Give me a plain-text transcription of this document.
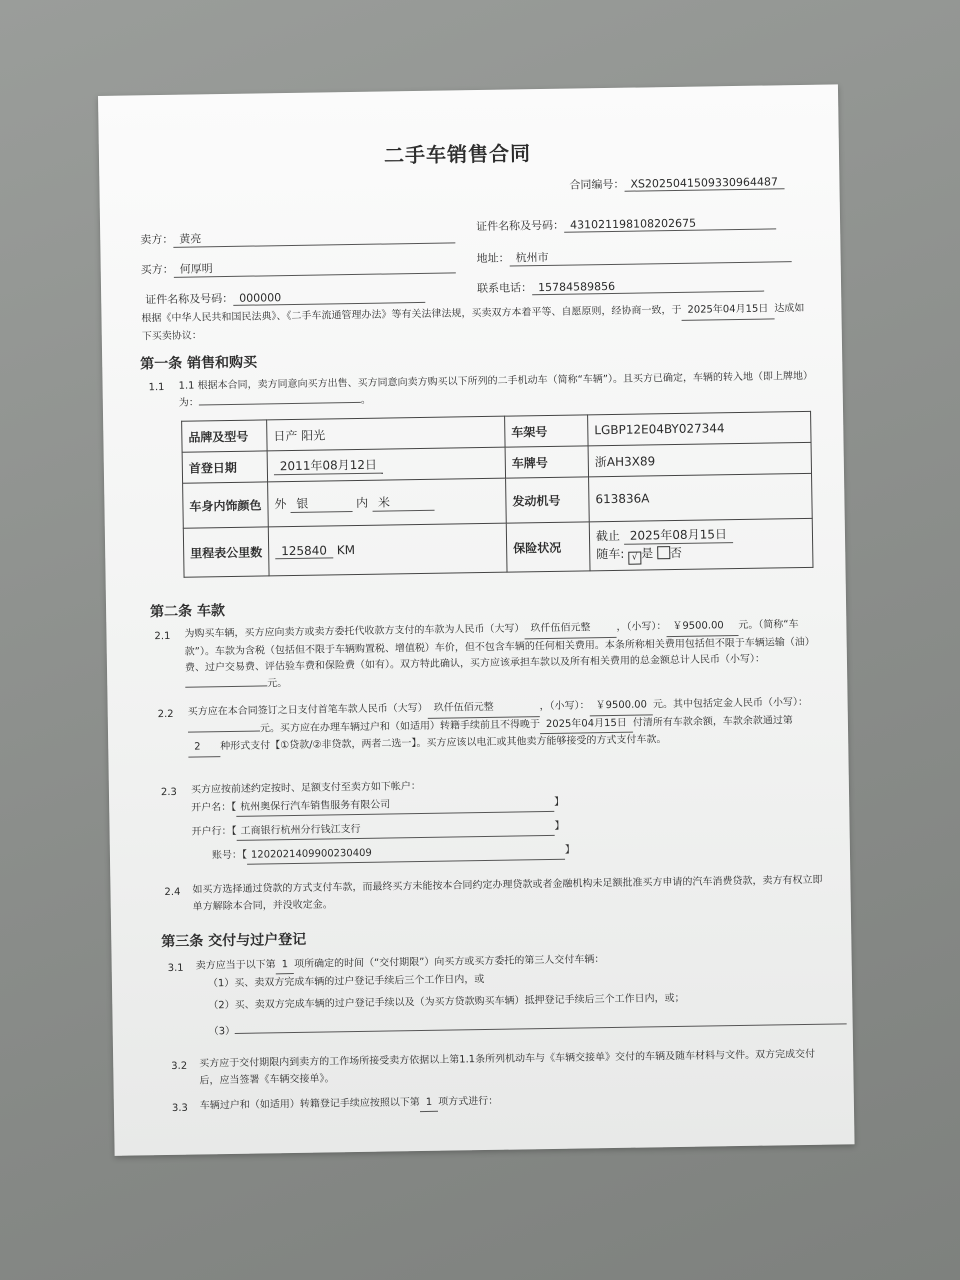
二手车销售合同
合同编号： XS2025041509330964487
卖方： 黄亮
证件名称及号码： 431021198108202675
买方： 何厚明
地址： 杭州市
证件名称及号码： 000000
联系电话： 15784589856
根据《中华人民共和国民法典》、《二手车流通管理办法》等有关法律法规，买卖双方本着平等、自愿原则，经协商一致，于 2025年04月15日 达成如下买卖协议：
第一条 销售和购买
1.1 1.1 根据本合同，卖方同意向买方出售、买方同意向卖方购买以下所列的二手机动车（简称“车辆”）。且买方已确定，车辆的转入地（即上牌地）为：	。
品牌及型号	日产 阳光	车架号	LGBP12E04BY027344
首登日期	2011年08月12日	车牌号	浙AH3X89
车身内饰颜色	外 银 内 米	发动机号	613836A
里程表公里数	125840 KM	保险状况	截止 2025年08月15日
随车: √ 是 否
第二条 车款
2.1 为购买车辆，买方应向卖方或卖方委托代收款方支付的车款为人民币（大写） 玖仟伍佰元整	，（小写）： ￥9500.00 元。（简称“车款”）。车款为含税（包括但不限于车辆购置税、增值税）车价，但不包含车辆的任何相关费用。本条所称相关费用包括但不限于车辆运输（油）费、过户交易费、评估验车费和保险费（如有）。双方特此确认，买方应该承担车款以及所有相关费用的总金额总计人民币（小写）：元。
2.2 买方应在本合同签订之日支付首笔车款人民币（大写） 玖仟伍佰元整	，（小写）： ￥9500.00 元。其中包括定金人民币（小写）：元。买方应在办理车辆过户和（如适用）转籍手续前且不得晚于 2025年04月15日 付清所有车款余额，车款余款通过第2 种形式支付【①贷款/②非贷款，两者二选一】。买方应该以电汇或其他卖方能够接受的方式支付车款。
2.3 买方应按前述约定按时、足额支付至卖方如下帐户：
开户名：【 杭州奥保行汽车销售服务有限公司	】
开户行：【 工商银行杭州分行钱江支行	】
账号：【 1202021409900230409	】
2.4 如买方选择通过贷款的方式支付车款，而最终买方未能按本合同约定办理贷款或者金融机构未足额批准买方申请的汽车消费贷款，卖方有权立即单方解除本合同，并没收定金。
第三条 交付与过户登记
3.1 卖方应当于以下第 1 项所确定的时间（“交付期限”）向买方或买方委托的第三人交付车辆：
（1）买、卖双方完成车辆的过户登记手续后三个工作日内，或
（2）买、卖双方完成车辆的过户登记手续以及（为买方贷款购买车辆）抵押登记手续后三个工作日内，或；
（3）
3.2 买方应于交付期限内到卖方的工作场所接受卖方依据以上第1.1条所列机动车与《车辆交接单》交付的车辆及随车材料与文件。双方完成交付后，应当签署《车辆交接单》。
3.3 车辆过户和（如适用）转籍登记手续应按照以下第 1 项方式进行：
